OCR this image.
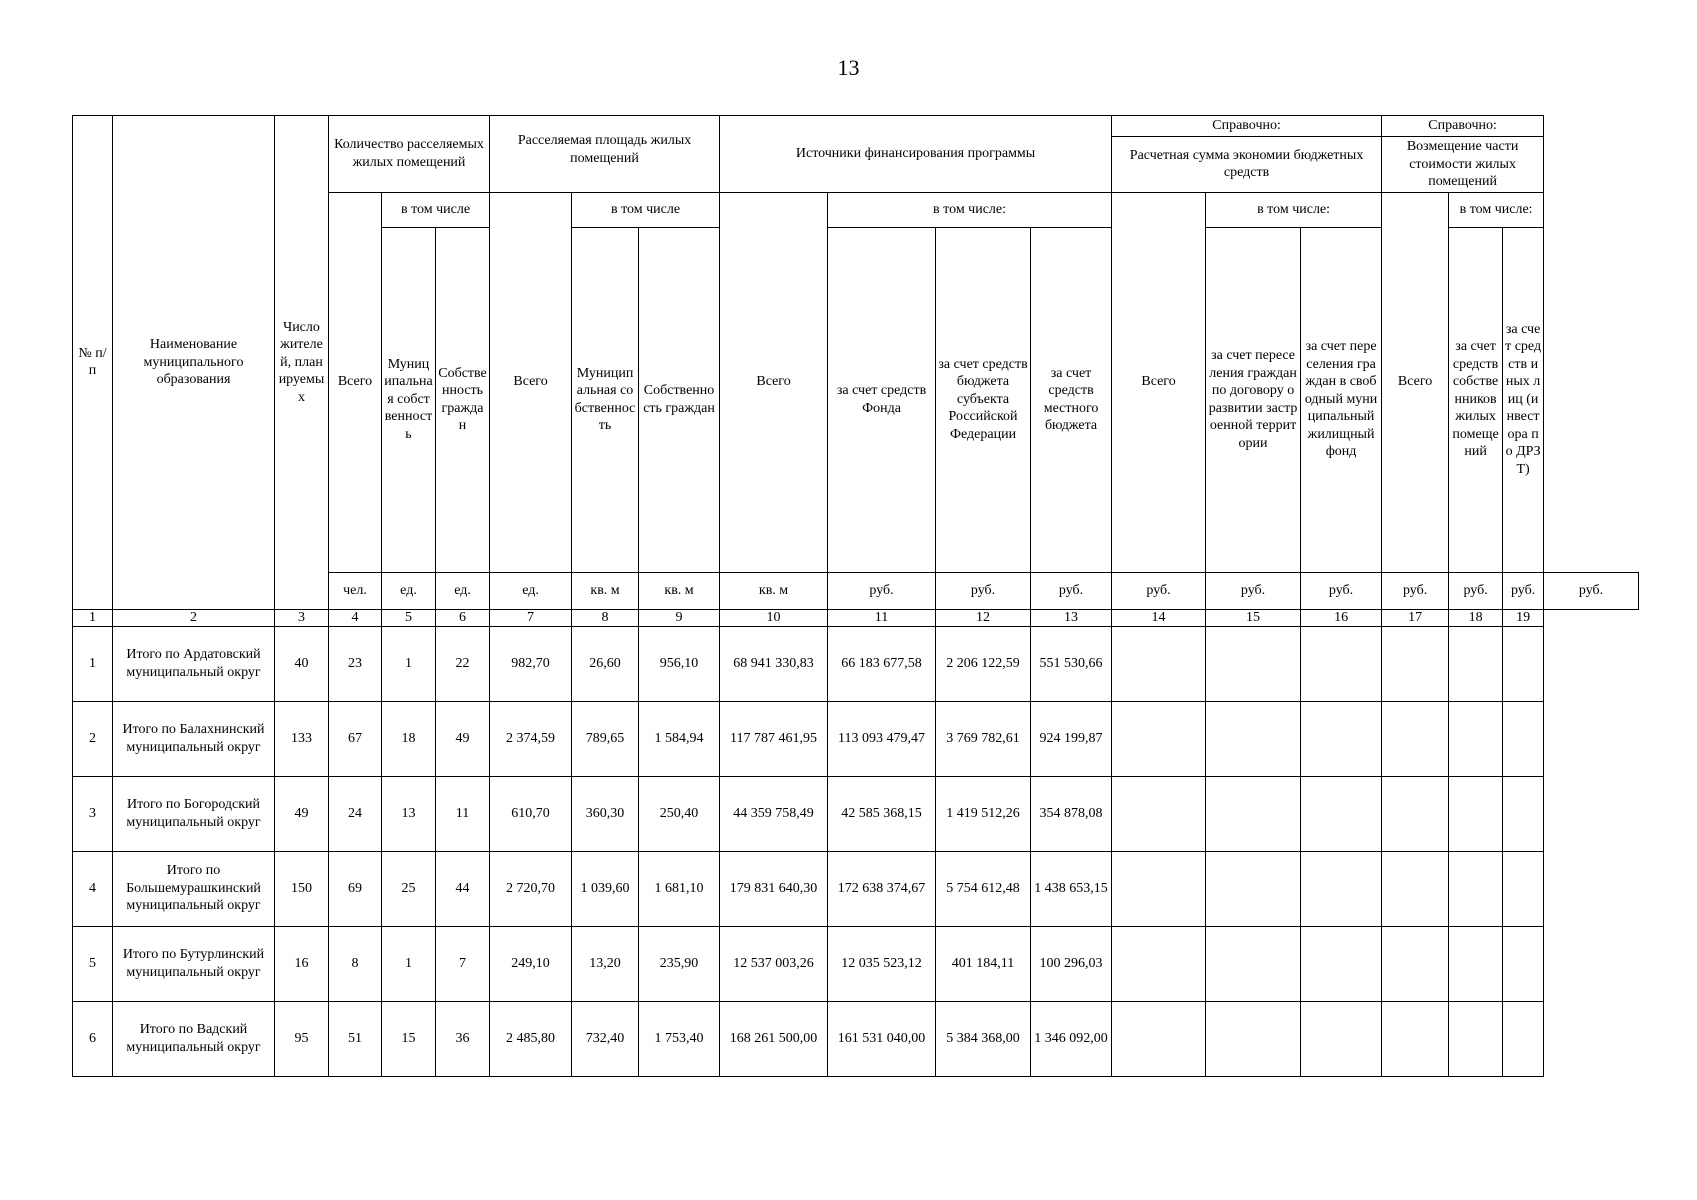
13
№ п/п	Наименование муниципального образования	Число жителей, планируемых	Количество расселяемых жилых помещений			Расселяемая площадь жилых помещений			Источники финансирования программы				Справочно:			Справочно:			
													Расчетная сумма экономии бюджетных средств			Возмещение части стоимости жилых помещений			
			Всего	в том числе		Всего	в том числе		Всего	в том числе:			Всего	в том числе:		Всего	в том числе:		
				Муниципальная собственность	Собственность граждан		Муниципальная собственность	Собственность граждан		за счет средств Фонда	за счет средств бюджета субъекта Российской Федерации	за счет средств местного бюджета		за счет переселения граждан по договору о развитии застроенной территории	за счет переселения граждан в свободный муниципальный жилищный фонд		за счет средств собственников жилых помещений	за счет средств иных лиц (инвестора по ДРЗТ)	
			чел.	ед.	ед.	ед.	кв. м	кв. м	кв. м	руб.	руб.	руб.	руб.	руб.	руб.	руб.	руб.	руб.	руб.
1	2	3	4	5	6	7	8	9	10	11	12	13	14	15	16	17	18	19	
1	Итого по Ардатовский муниципальный округ	40	23	1	22	982,70	26,60	956,10	68 941 330,83	66 183 677,58	2 206 122,59	551 530,66							
2	Итого по Балахнинский муниципальный округ	133	67	18	49	2 374,59	789,65	1 584,94	117 787 461,95	113 093 479,47	3 769 782,61	924 199,87							
3	Итого по Богородский муниципальный округ	49	24	13	11	610,70	360,30	250,40	44 359 758,49	42 585 368,15	1 419 512,26	354 878,08							
4	Итого по Большемурашкинский муниципальный округ	150	69	25	44	2 720,70	1 039,60	1 681,10	179 831 640,30	172 638 374,67	5 754 612,48	1 438 653,15							
5	Итого по Бутурлинский муниципальный округ	16	8	1	7	249,10	13,20	235,90	12 537 003,26	12 035 523,12	401 184,11	100 296,03							
6	Итого по Вадский муниципальный округ	95	51	15	36	2 485,80	732,40	1 753,40	168 261 500,00	161 531 040,00	5 384 368,00	1 346 092,00							
